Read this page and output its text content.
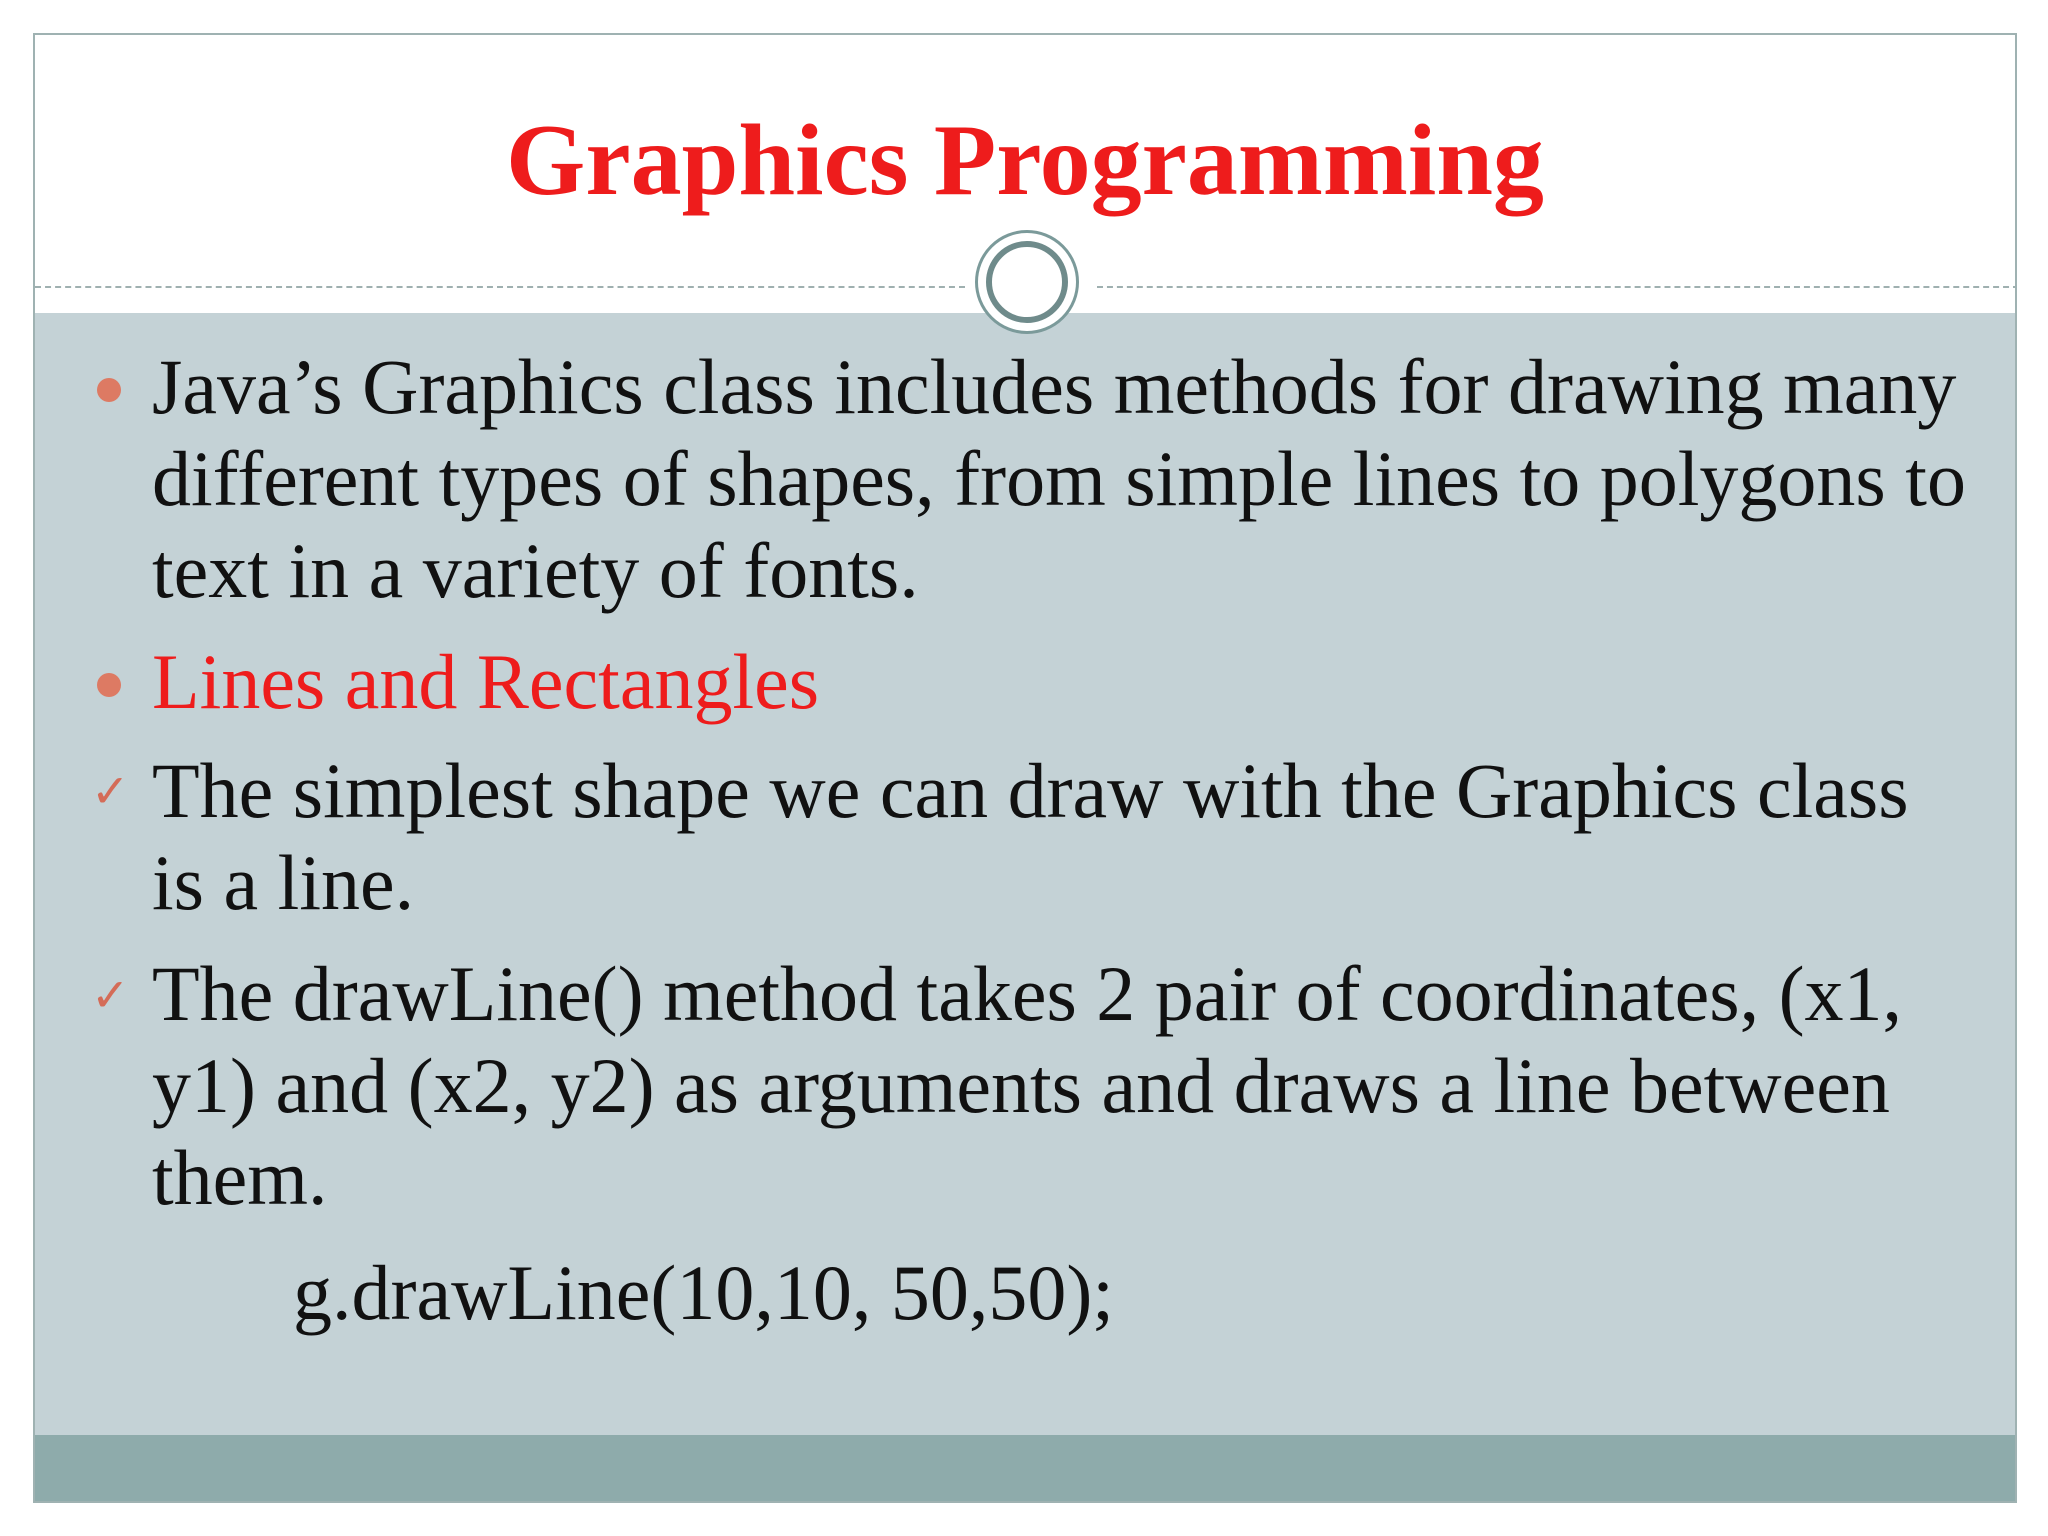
Graphics Programming

Java’s Graphics class includes methods for drawing many different types of shapes, from simple lines to polygons to text in a variety of fonts.

Lines and Rectangles

✓ The simplest shape we can draw with the Graphics class is a line.

✓ The drawLine() method takes 2 pair of coordinates, (x1, y1) and (x2, y2) as arguments and draws a line between them.

g.drawLine(10,10, 50,50);
